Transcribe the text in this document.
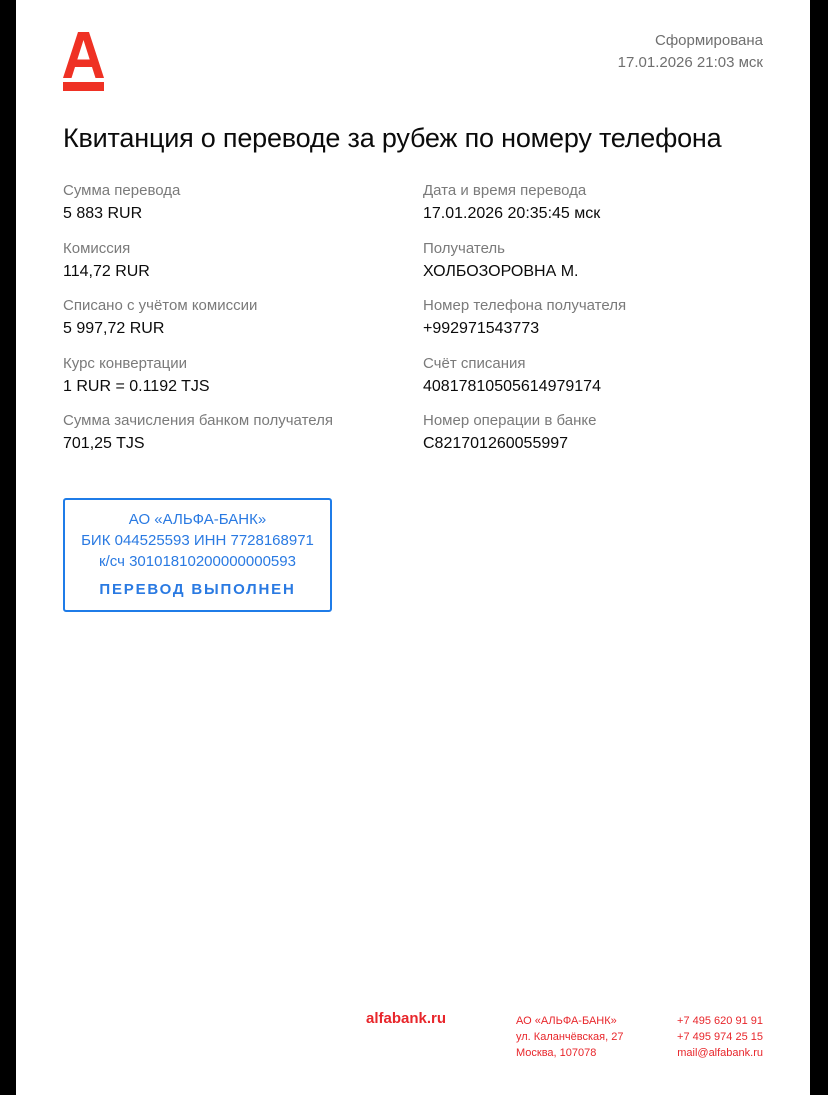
Сформирована
17.01.2026 21:03 мск
Квитанция о переводе за рубеж по номеру телефона
Сумма перевода
5 883 RUR
Комиссия
114,72 RUR
Списано с учётом комиссии
5 997,72 RUR
Курс конвертации
1 RUR = 0.1192 TJS
Сумма зачисления банком получателя
701,25 TJS
Дата и время перевода
17.01.2026 20:35:45 мск
Получатель
ХОЛБОЗОРОВНА М.
Номер телефона получателя
+992971543773
Счёт списания
40817810505614979174
Номер операции в банке
C821701260055997
АО «АЛЬФА-БАНК»
БИК 044525593 ИНН 7728168971
к/сч 30101810200000000593
ПЕРЕВОД ВЫПОЛНЕН
alfabank.ru	АО «АЛЬФА-БАНК»
ул. Каланчёвская, 27
Москва, 107078
+7 495 620 91 91
+7 495 974 25 15
mail@alfabank.ru
